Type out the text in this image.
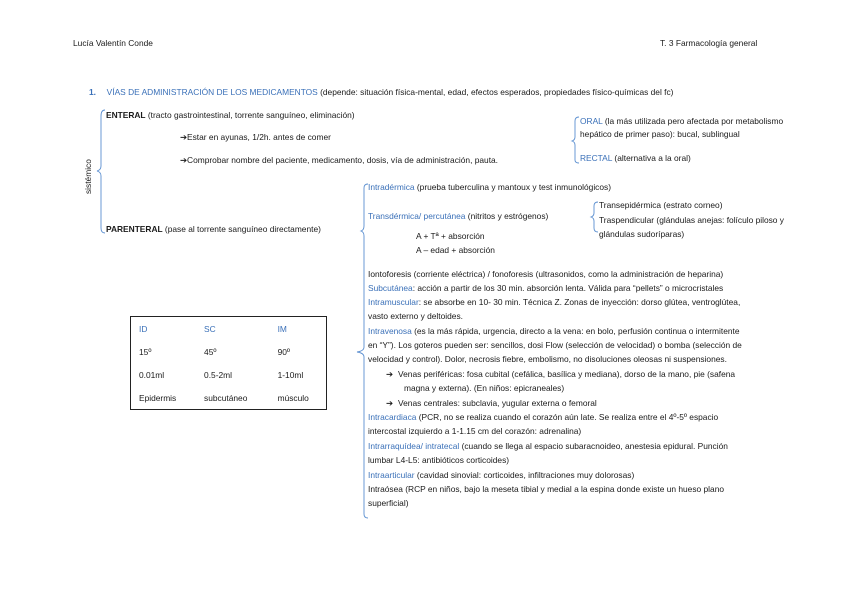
Lucía Valentín Conde	T. 3 Farmacología general
1. VÍAS DE ADMINISTRACIÓN DE LOS MEDICAMENTOS (depende: situación física-mental, edad, efectos esperados, propiedades físico-químicas del fc)
sistémico
ENTERAL (tracto gastrointestinal, torrente sanguíneo, eliminación)
➔Estar en ayunas, 1/2h. antes de comer
➔Comprobar nombre del paciente, medicamento, dosis, vía de administración, pauta.
ORAL (la más utilizada pero afectada por metabolismo
hepático de primer paso): bucal, sublingual
RECTAL (alternativa a la oral)
PARENTERAL (pase al torrente sanguíneo directamente)
Intradérmica (prueba tuberculina y mantoux y test inmunológicos)
Transdérmica/ percutánea (nitritos y estrógenos)
Transepidérmica (estrato corneo)
Traspendicular (glándulas anejas: folículo piloso y
glándulas sudoríparas)
A + Tª + absorción
A – edad + absorción
Iontoforesis (corriente eléctrica) / fonoforesis (ultrasonidos, como la administración de heparina)
Subcutánea: acción a partir de los 30 min. absorción lenta. Válida para “pellets” o microcristales
Intramuscular: se absorbe en 10- 30 min. Técnica Z. Zonas de inyección: dorso glútea, ventroglútea,
vasto externo y deltoides.
Intravenosa (es la más rápida, urgencia, directo a la vena: en bolo, perfusión continua o intermitente
en “Y”). Los goteros pueden ser: sencillos, dosi Flow (selección de velocidad) o bomba (selección de
velocidad y control). Dolor, necrosis fiebre, embolismo, no disoluciones oleosas ni suspensiones.
➔ Venas periféricas: fosa cubital (cefálica, basílica y mediana), dorso de la mano, pie (safena
magna y externa). (En niños: epicraneales)
➔ Venas centrales: subclavia, yugular externa o femoral
Intracardiaca (PCR, no se realiza cuando el corazón aún late. Se realiza entre el 4º-5º espacio
intercostal izquierdo a 1-1.15 cm del corazón: adrenalina)
Intrarraquídea/ intratecal (cuando se llega al espacio subaracnoideo, anestesia epidural. Punción
lumbar L4-L5: antibióticos corticoides)
Intraarticular (cavidad sinovial: corticoides, infiltraciones muy dolorosas)
Intraósea (RCP en niños, bajo la meseta tibial y medial a la espina donde existe un hueso plano
superficial)
ID	SC	IM
15º	45º	90º
0.01ml	0.5-2ml	1-10ml
Epidermis	subcutáneo	músculo
